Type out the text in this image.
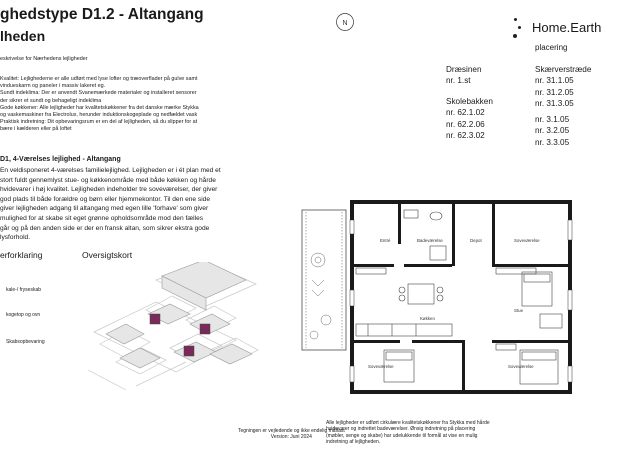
ghedstype D1.2 - Altangang
lheden
eskrivelse for Nærhedens lejligheder
Kvalitet: Lejlighederne er alle udført med lyse lofter og træoverflader på gulve samt
vindueskarm og paneler i massiv lakeret eg.
Sundt indeklima: Der er anvendt Svanemærkede materialer og installeret sensorer
der sikrer et sundt og behageligt indeklima
Gode køkkener: Alle lejligheder har kvalitetskøkkener fra det danske mærke Stykka
og vaskemaskiner fra Electrolux, herunder induktionskogeplade og nedfældet vask
Praktisk indretning: Dit opbevaringsrum er en del af lejligheden, så du slipper for at
bære i kælderen eller på loftet
D1, 4-Værelses lejlighed - Altangang
En veldisponeret 4-værelses familielejlighed. Lejligheden er i ét plan med et
stort fuldt gennemlyst stue- og køkkenområde med både køkken og hårde
hvidevarer i høj kvalitet. Lejligheden indeholder tre soveværelser, der giver
god plads til både forældre og børn eller hjemmekontor. Til den ene side
giver lejligheden adgang til altangang med egen lille 'forhave' som giver
mulighed for at skabe sit eget grønne opholdsområde mod den fælles
går og på den anden side er der en fransk altan, som sikrer ekstra gode
lysforhold.
erforklaring
kale-/ fryseskab
kogetop og ovn
Skabsopbevaring
Oversigtskort
N	Home.Earth
placering
Dræsinen
nr. 1.st
Skolebakken
nr. 62.1.02
nr. 62.2.06
nr. 62.3.02
Skærverstræde
nr. 31.1.05
nr. 31.2.05
nr. 31.3.05
nr. 3.1.05
nr. 3.2.05
nr. 3.3.05
Entré	Badeværelse	Depot	Soveværelse
Køkken
Stue
Soveværelse	Soveværelse
Tegningen er vejledende og ikke endelig målfast
Version: Juni 2024
Alle lejligheder er udført cirkulære kvalitetskøkkener fra Stykka med hårde
hvidevarer og indrettet badeværelser. Ønsig indretning på placering
(møbler, senge og skabe) har udelukkende til formål at vise en mulig
indretning af lejligheden.
